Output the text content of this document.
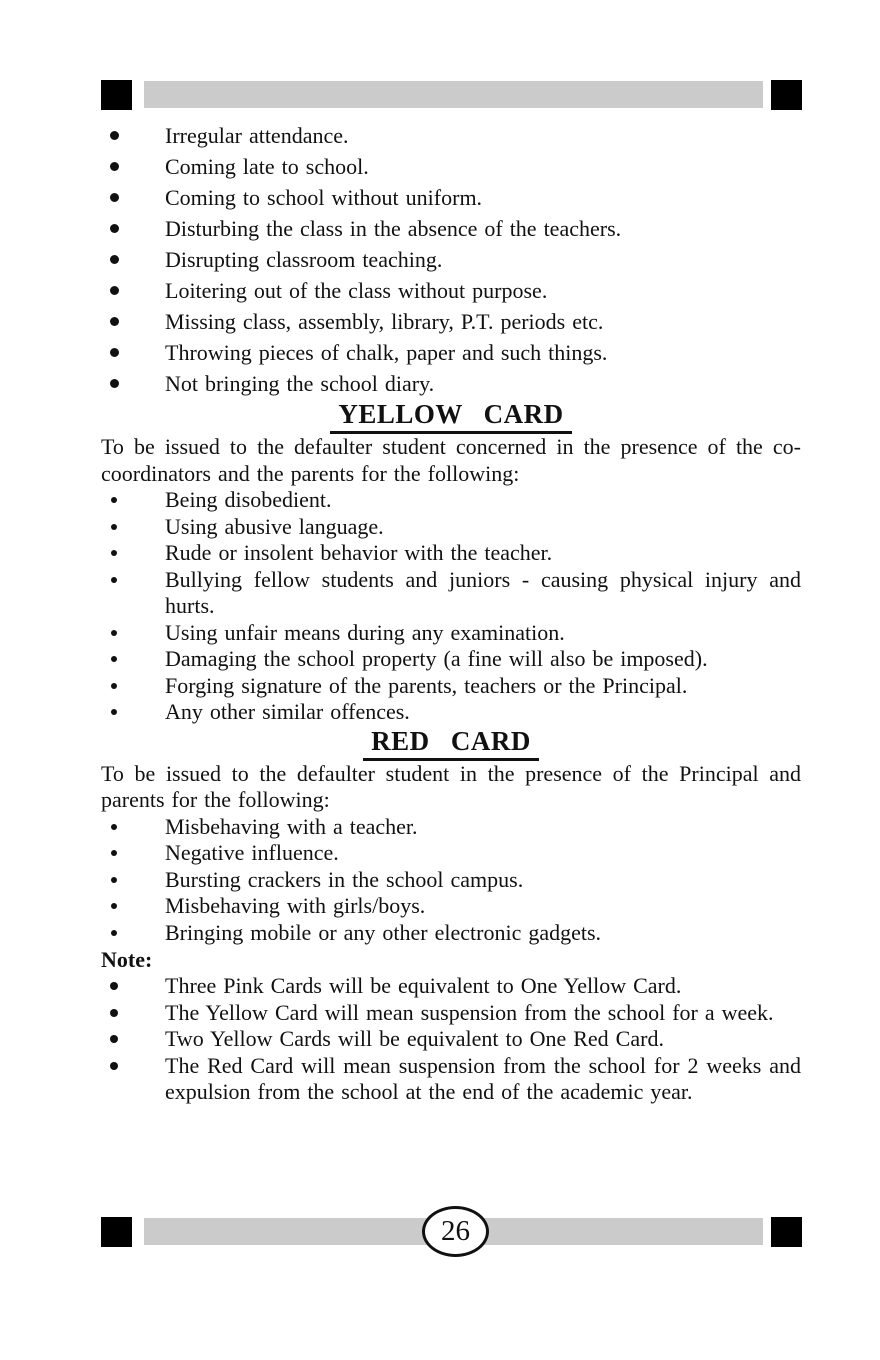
Irregular attendance.
Coming late to school.
Coming to school without uniform.
Disturbing the class in the absence of the teachers.
Disrupting classroom teaching.
Loitering out of the class without purpose.
Missing class, assembly, library, P.T. periods etc.
Throwing pieces of chalk, paper and such things.
Not bringing the school diary.
YELLOW CARD

To be issued to the defaulter student concerned in the presence of the co-coordinators and the parents for the following:

Being disobedient.
Using abusive language.
Rude or insolent behavior with the teacher.
Bullying fellow students and juniors - causing physical injury and hurts.
Using unfair means during any examination.
Damaging the school property (a fine will also be imposed).
Forging signature of the parents, teachers or the Principal.
Any other similar offences.
RED CARD

To be issued to the defaulter student in the presence of the Principal and parents for the following:

Misbehaving with a teacher.
Negative influence.
Bursting crackers in the school campus.
Misbehaving with girls/boys.
Bringing mobile or any other electronic gadgets.

Note:

Three Pink Cards will be equivalent to One Yellow Card.
The Yellow Card will mean suspension from the school for a week.
Two Yellow Cards will be equivalent to One Red Card.
The Red Card will mean suspension from the school for 2 weeks and expulsion from the school at the end of the academic year.
26
